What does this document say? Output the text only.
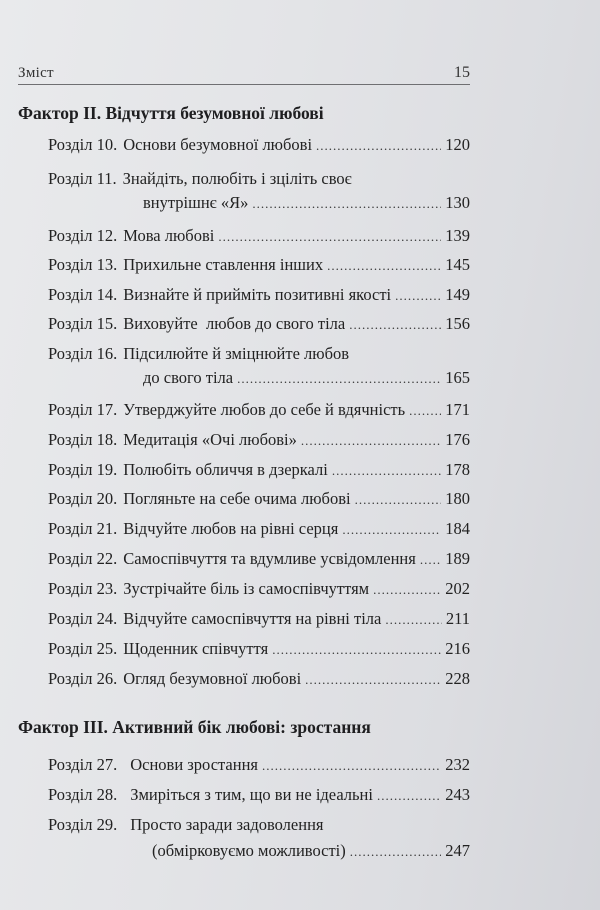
Зміст	15
Фактор ІІ. Відчуття безумовної любові
Розділ
10. Основи безумовної любові .....	120
Розділ
11. Знайдіть, полюбіть і зцілiть своє
внутрішнє «Я» .....	130
Розділ
12. Мова любові .....	139
Розділ
13. Прихильне ставлення інших .....	145
Розділ
14. Визнайте й прийміть позитивні якості .....	149
Розділ
15. Виховуйте  любов до свого тіла .....	156
Розділ
16. Підсилюйте й зміцнюйте любов
до свого тіла .....	165
Розділ
17. Утверджуйте любов до себе й вдячність ..... 171
Розділ
18. Медитація «Очі любові» .....	176
Розділ
19. Полюбіть обличчя в дзеркалі .....	178
Розділ
20. Погляньте на себе очима любові .....	180
Розділ
21. Відчуйте любов на рівні серця .....	184
Розділ
22. Самоспівчуття та вдумливе усвідомлення ..... 189
Розділ
23. Зустрічайте біль із самоспівчуттям .....	202
Розділ
24. Відчуйте самоспівчуття на рівні тіла .....	211
Розділ
25. Щоденник співчуття .....	216
Розділ
26. Огляд безумовної любові .....	228
Фактор ІІІ. Активний бік любові: зростання
Розділ
27. Основи зростання .....	232
Розділ
28. Змиріться з тим, що ви не ідеальні .....	243
Розділ
29. Просто заради задоволення
(обмірковуємо можливості) .....	247
